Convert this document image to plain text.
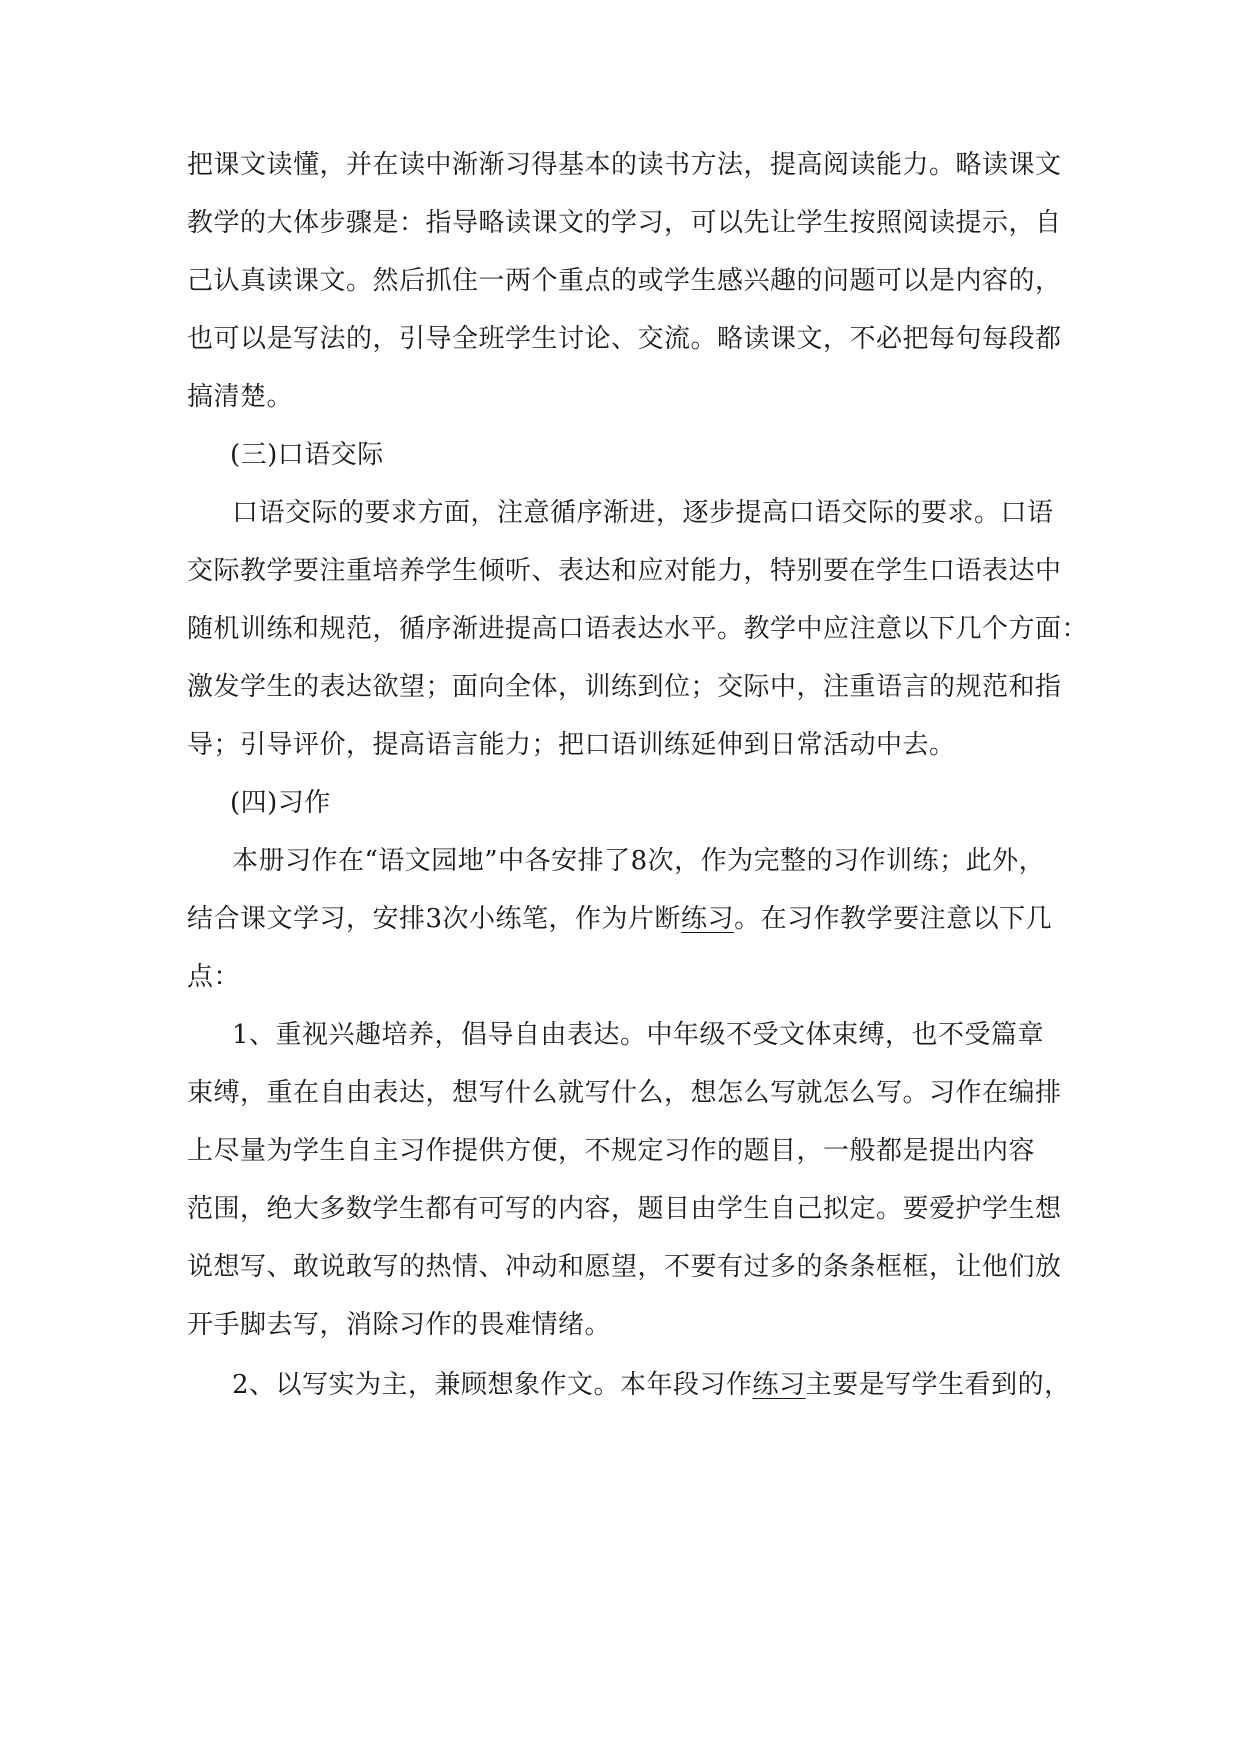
把课文读懂，并在读中渐渐习得基本的读书方法，提高阅读能力。略读课文
教学的大体步骤是：指导略读课文的学习，可以先让学生按照阅读提示，自
己认真读课文。然后抓住一两个重点的或学生感兴趣的问题可以是内容的，
也可以是写法的，引导全班学生讨论、交流。略读课文，不必把每句每段都
搞清楚。
(三)口语交际
口语交际的要求方面，注意循序渐进，逐步提高口语交际的要求。口语
交际教学要注重培养学生倾听、表达和应对能力，特别要在学生口语表达中
随机训练和规范，循序渐进提高口语表达水平。教学中应注意以下几个方面：
激发学生的表达欲望；面向全体，训练到位；交际中，注重语言的规范和指
导；引导评价，提高语言能力；把口语训练延伸到日常活动中去。
(四)习作
本册习作在“语文园地”中各安排了8次，作为完整的习作训练；此外，
结合课文学习，安排3次小练笔，作为片断练习。在习作教学要注意以下几
点：
1、重视兴趣培养，倡导自由表达。中年级不受文体束缚，也不受篇章
束缚，重在自由表达，想写什么就写什么，想怎么写就怎么写。习作在编排
上尽量为学生自主习作提供方便，不规定习作的题目，一般都是提出内容
范围，绝大多数学生都有可写的内容，题目由学生自己拟定。要爱护学生想
说想写、敢说敢写的热情、冲动和愿望，不要有过多的条条框框，让他们放
开手脚去写，消除习作的畏难情绪。
2、以写实为主，兼顾想象作文。本年段习作练习主要是写学生看到的，
